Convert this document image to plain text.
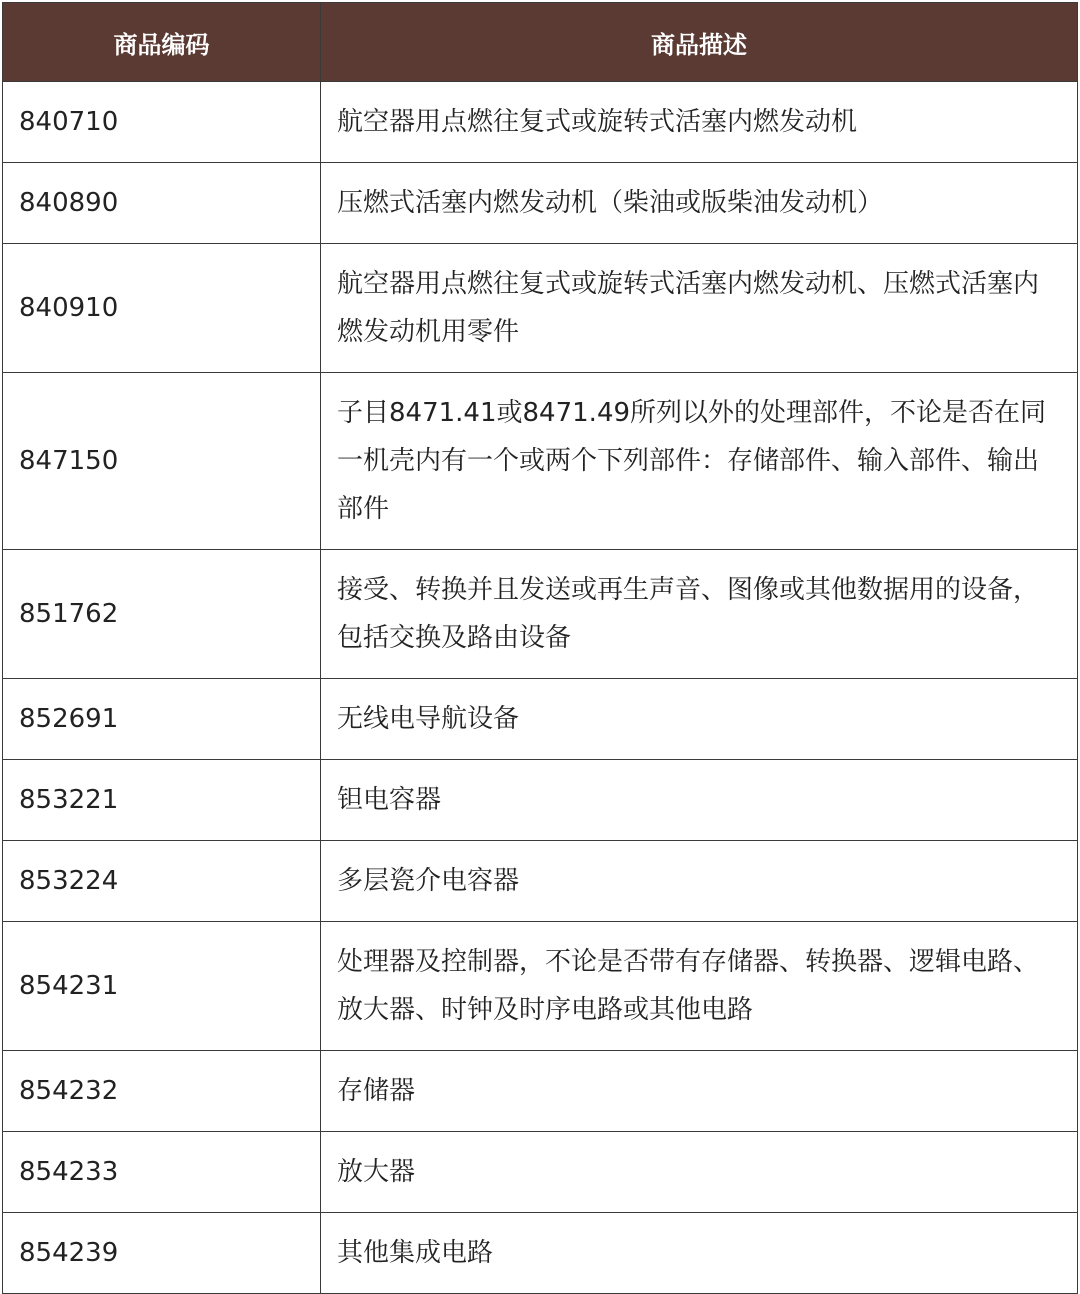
商品编码	商品描述
840710	航空器用点燃往复式或旋转式活塞内燃发动机
840890	压燃式活塞内燃发动机（柴油或版柴油发动机）
840910	航空器用点燃往复式或旋转式活塞内燃发动机、压燃式活塞内燃发动机用零件
847150	子目8471.41或8471.49所列以外的处理部件，不论是否在同一机壳内有一个或两个下列部件：存储部件、输入部件、输出部件
851762	接受、转换并且发送或再生声音、图像或其他数据用的设备，包括交换及路由设备
852691	无线电导航设备
853221	钽电容器
853224	多层瓷介电容器
854231	处理器及控制器，不论是否带有存储器、转换器、逻辑电路、放大器、时钟及时序电路或其他电路
854232	存储器
854233	放大器
854239	其他集成电路
